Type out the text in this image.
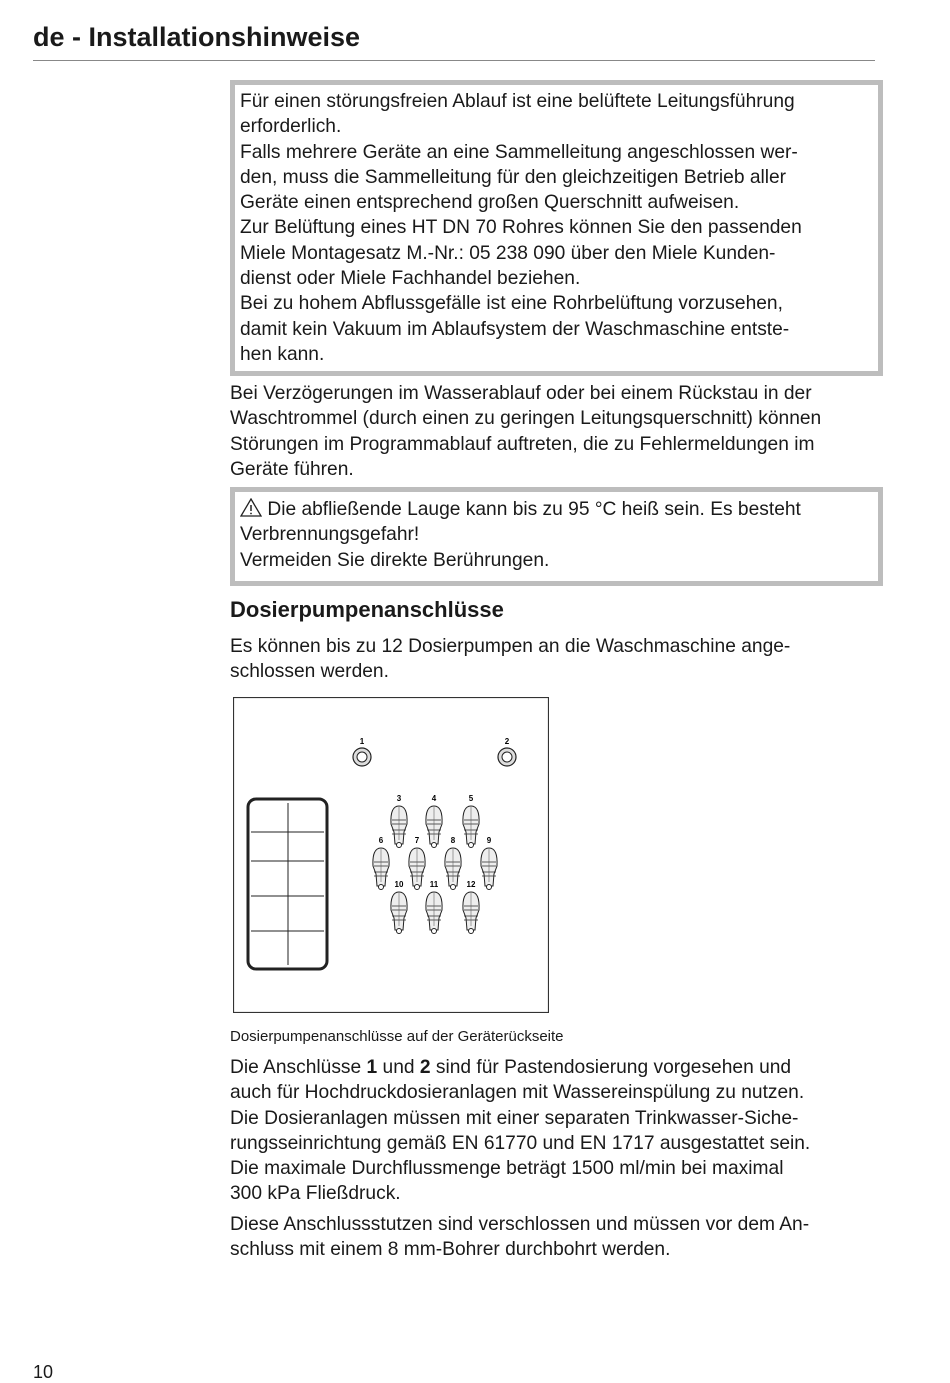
de - Installationshinweise
Für einen störungsfreien Ablauf ist eine belüftete Leitungsführung
erforderlich.
Falls mehrere Geräte an eine Sammelleitung angeschlossen wer-
den, muss die Sammelleitung für den gleichzeitigen Betrieb aller
Geräte einen entsprechend großen Querschnitt aufweisen.
Zur Belüftung eines HT DN 70 Rohres können Sie den passenden
Miele Montagesatz M.-Nr.: 05 238 090 über den Miele Kunden-
dienst oder Miele Fachhandel beziehen.
Bei zu hohem Abflussgefälle ist eine Rohrbelüftung vorzusehen,
damit kein Vakuum im Ablaufsystem der Waschmaschine entste-
hen kann.
Bei Verzögerungen im Wasserablauf oder bei einem Rückstau in der
Waschtrommel (durch einen zu geringen Leitungsquerschnitt) können
Störungen im Programmablauf auftreten, die zu Fehlermeldungen im
Geräte führen.
Die abfließende Lauge kann bis zu 95 °C heiß sein. Es besteht
Verbrennungsgefahr!
Vermeiden Sie direkte Berührungen.
Dosierpumpenanschlüsse
Es können bis zu 12 Dosierpumpen an die Waschmaschine ange-
schlossen werden.
1	2
3	4	5
6	7	8	9
10	11	12
Dosierpumpenanschlüsse auf der Geräterückseite
Die Anschlüsse 1 und 2 sind für Pastendosierung vorgesehen und
auch für Hochdruckdosieranlagen mit Wassereinspülung zu nutzen.
Die Dosieranlagen müssen mit einer separaten Trinkwasser-Siche-
rungsseinrichtung gemäß EN 61770 und EN 1717 ausgestattet sein.
Die maximale Durchflussmenge beträgt 1500 ml/min bei maximal
300 kPa Fließdruck.
Diese Anschlussstutzen sind verschlossen und müssen vor dem An-
schluss mit einem 8 mm-Bohrer durchbohrt werden.
10
